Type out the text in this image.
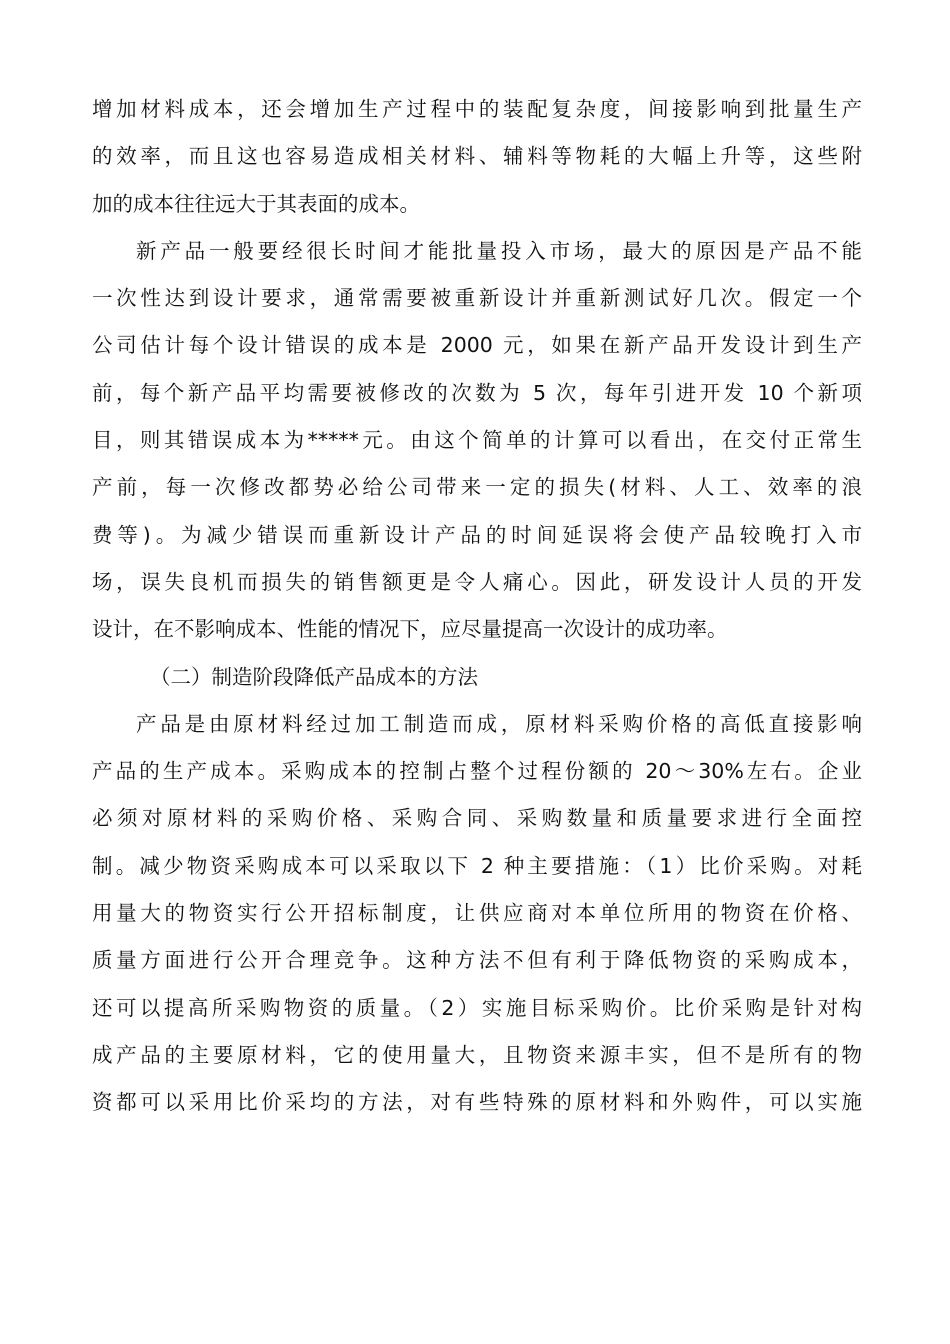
增加材料成本，还会增加生产过程中的装配复杂度，间接影响到批量生产
的效率，而且这也容易造成相关材料、辅料等物耗的大幅上升等，这些附
加的成本往往远大于其表面的成本。
新产品一般要经很长时间才能批量投入市场，最大的原因是产品不能
一次性达到设计要求，通常需要被重新设计并重新测试好几次。假定一个
公司估计每个设计错误的成本是 2000 元，如果在新产品开发设计到生产
前，每个新产品平均需要被修改的次数为 5 次，每年引进开发 10 个新项
目，则其错误成本为*****元。由这个简单的计算可以看出，在交付正常生
产前，每一次修改都势必给公司带来一定的损失(材料、人工、效率的浪
费等)。为减少错误而重新设计产品的时间延误将会使产品较晚打入市
场，误失良机而损失的销售额更是令人痛心。因此，研发设计人员的开发
设计，在不影响成本、性能的情况下，应尽量提高一次设计的成功率。
（二）制造阶段降低产品成本的方法
产品是由原材料经过加工制造而成，原材料采购价格的高低直接影响
产品的生产成本。采购成本的控制占整个过程份额的 20～30%左右。企业
必须对原材料的采购价格、采购合同、采购数量和质量要求进行全面控
制。减少物资采购成本可以采取以下 2 种主要措施：（1）比价采购。对耗
用量大的物资实行公开招标制度，让供应商对本单位所用的物资在价格、
质量方面进行公开合理竞争。这种方法不但有利于降低物资的采购成本，
还可以提高所采购物资的质量。（2）实施目标采购价。比价采购是针对构
成产品的主要原材料，它的使用量大，且物资来源丰实，但不是所有的物
资都可以采用比价采均的方法，对有些特殊的原材料和外购件，可以实施
